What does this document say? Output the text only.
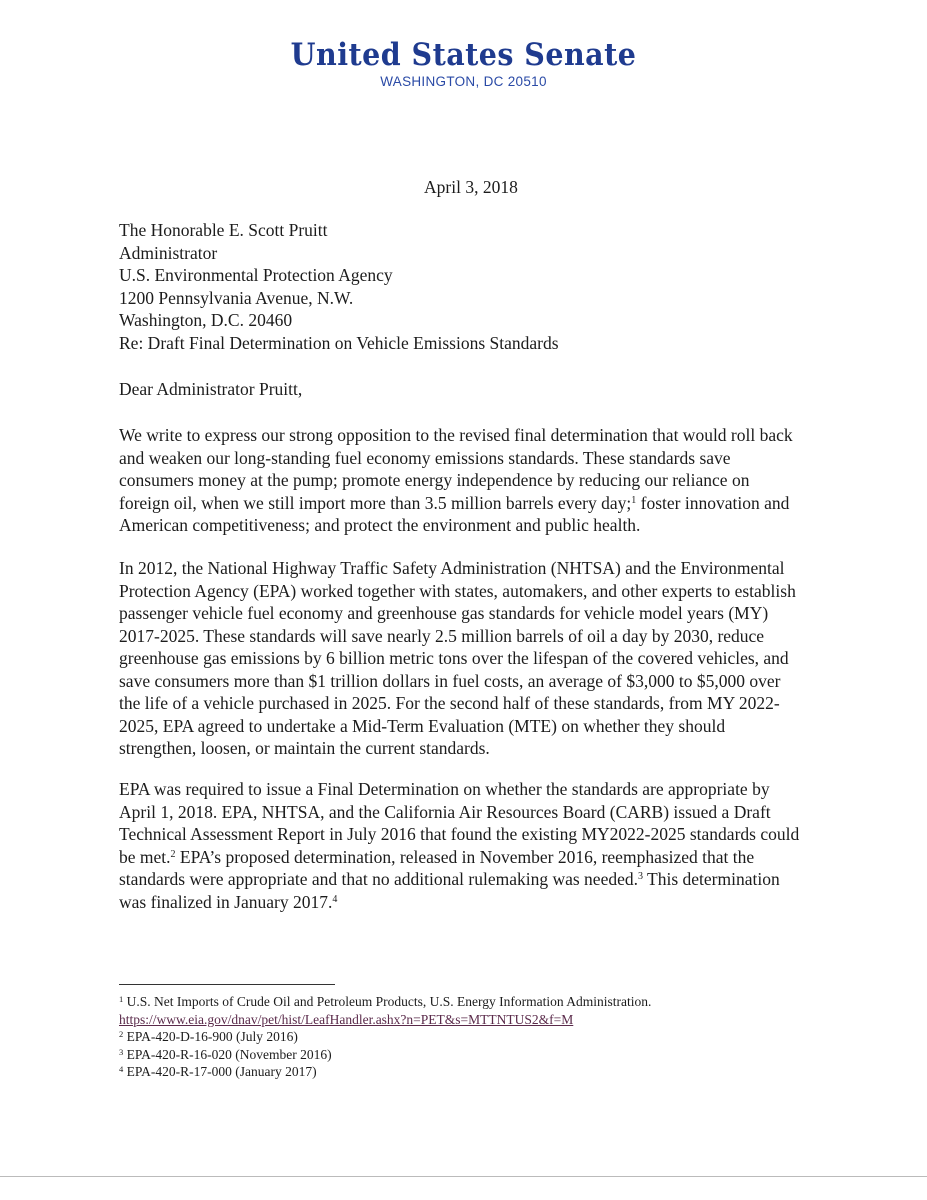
United States Senate
WASHINGTON, DC 20510
April 3, 2018
The Honorable E. Scott Pruitt
Administrator
U.S. Environmental Protection Agency
1200 Pennsylvania Avenue, N.W.
Washington, D.C. 20460
Re: Draft Final Determination on Vehicle Emissions Standards
Dear Administrator Pruitt,
We write to express our strong opposition to the revised final determination that would roll back
and weaken our long-standing fuel economy emissions standards. These standards save
consumers money at the pump; promote energy independence by reducing our reliance on
foreign oil, when we still import more than 3.5 million barrels every day;$^1$ foster innovation and
American competitiveness; and protect the environment and public health.
In 2012, the National Highway Traffic Safety Administration (NHTSA) and the Environmental
Protection Agency (EPA) worked together with states, automakers, and other experts to establish
passenger vehicle fuel economy and greenhouse gas standards for vehicle model years (MY)
2017-2025. These standards will save nearly 2.5 million barrels of oil a day by 2030, reduce
greenhouse gas emissions by 6 billion metric tons over the lifespan of the covered vehicles, and
save consumers more than $1 trillion dollars in fuel costs, an average of $3,000 to $5,000 over
the life of a vehicle purchased in 2025. For the second half of these standards, from MY 2022-
2025, EPA agreed to undertake a Mid-Term Evaluation (MTE) on whether they should
strengthen, loosen, or maintain the current standards.
EPA was required to issue a Final Determination on whether the standards are appropriate by
April 1, 2018. EPA, NHTSA, and the California Air Resources Board (CARB) issued a Draft
Technical Assessment Report in July 2016 that found the existing MY2022-2025 standards could
be met.$^2$ EPA’s proposed determination, released in November 2016, reemphasized that the
standards were appropriate and that no additional rulemaking was needed.$^3$ This determination
was finalized in January 2017.$^4$
$^1$ U.S. Net Imports of Crude Oil and Petroleum Products, U.S. Energy Information Administration.
https://www.eia.gov/dnav/pet/hist/LeafHandler.ashx?n=PET&s=MTTNTUS2&f=M
$^2$ EPA-420-D-16-900 (July 2016)
$^3$ EPA-420-R-16-020 (November 2016)
$^4$ EPA-420-R-17-000 (January 2017)
